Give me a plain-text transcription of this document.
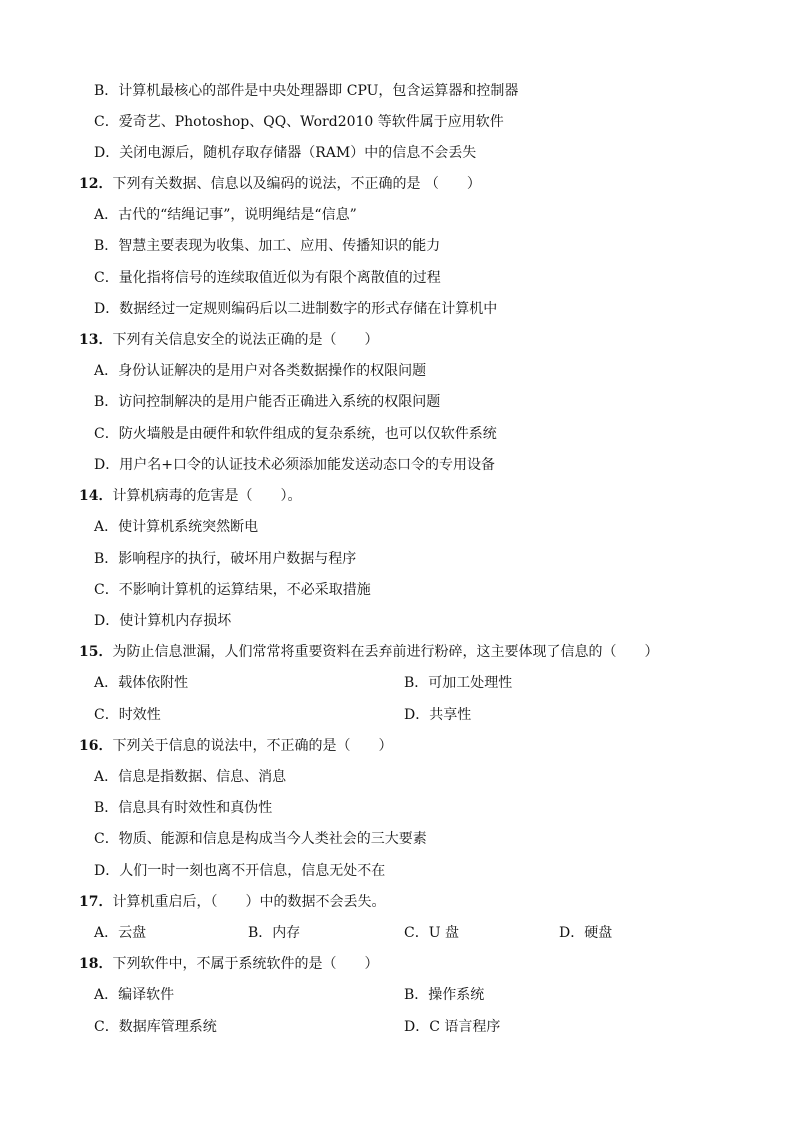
B．计算机最核心的部件是中央处理器即 CPU，包含运算器和控制器
C．爱奇艺、Photoshop、QQ、Word2010 等软件属于应用软件
D．关闭电源后，随机存取存储器（RAM）中的信息不会丢失
12．下列有关数据、信息以及编码的说法，不正确的是 （　　）
A．古代的“结绳记事”，说明绳结是“信息”
B．智慧主要表现为收集、加工、应用、传播知识的能力
C．量化指将信号的连续取值近似为有限个离散值的过程
D．数据经过一定规则编码后以二进制数字的形式存储在计算机中
13．下列有关信息安全的说法正确的是（　　）
A．身份认证解决的是用户对各类数据操作的权限问题
B．访问控制解决的是用户能否正确进入系统的权限问题
C．防火墙般是由硬件和软件组成的复杂系统，也可以仅软件系统
D．用户名+口令的认证技术必须添加能发送动态口令的专用设备
14．计算机病毒的危害是（　　）。
A．使计算机系统突然断电
B．影响程序的执行，破坏用户数据与程序
C．不影响计算机的运算结果，不必采取措施
D．使计算机内存损坏
15．为防止信息泄漏，人们常常将重要资料在丢弃前进行粉碎，这主要体现了信息的（　　）
A．载体依附性	B．可加工处理性
C．时效性	D．共享性
16．下列关于信息的说法中，不正确的是（　　）
A．信息是指数据、信息、消息
B．信息具有时效性和真伪性
C．物质、能源和信息是构成当今人类社会的三大要素
D．人们一时一刻也离不开信息，信息无处不在
17．计算机重启后，（　　）中的数据不会丢失。
A．云盘	B．内存	C．U 盘	D．硬盘
18．下列软件中，不属于系统软件的是（　　）
A．编译软件	B．操作系统
C．数据库管理系统	D．C 语言程序
